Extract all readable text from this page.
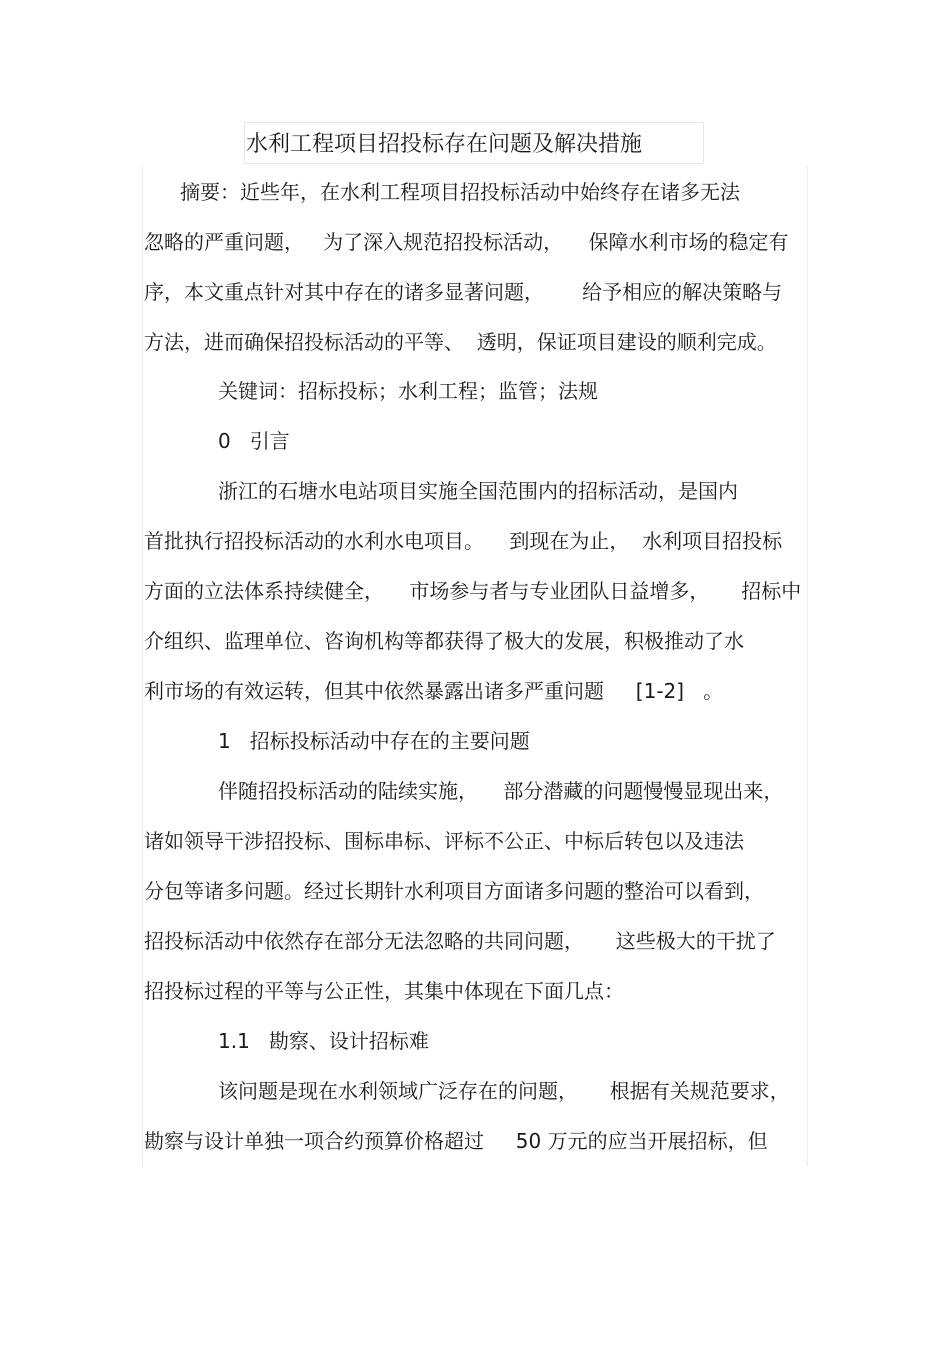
水利工程项目招投标存在问题及解决措施
摘要：近些年，在水利工程项目招投标活动中始终存在诸多无法
忽略的严重问题，   为了深入规范招投标活动，    保障水利市场的稳定有
序，本文重点针对其中存在的诸多显著问题，      给予相应的解决策略与
方法，进而确保招投标活动的平等、  透明，保证项目建设的顺利完成。
关键词：招标投标；水利工程；监管；法规
0   引言
浙江的石塘水电站项目实施全国范围内的招标活动，是国内
首批执行招投标活动的水利水电项目。    到现在为止，  水利项目招投标
方面的立法体系持续健全，    市场参与者与专业团队日益增多，     招标中
介组织、监理单位、咨询机构等都获得了极大的发展，积极推动了水
利市场的有效运转，但其中依然暴露出诸多严重问题     [1-2]   。
1   招标投标活动中存在的主要问题
伴随招投标活动的陆续实施，    部分潜藏的问题慢慢显现出来，
诸如领导干涉招投标、围标串标、评标不公正、中标后转包以及违法
分包等诸多问题。经过长期针水利项目方面诸多问题的整治可以看到，
招投标活动中依然存在部分无法忽略的共同问题，     这些极大的干扰了
招投标过程的平等与公正性，其集中体现在下面几点：
1.1   勘察、设计招标难
该问题是现在水利领域广泛存在的问题，     根据有关规范要求，
勘察与设计单独一项合约预算价格超过     50 万元的应当开展招标，但
